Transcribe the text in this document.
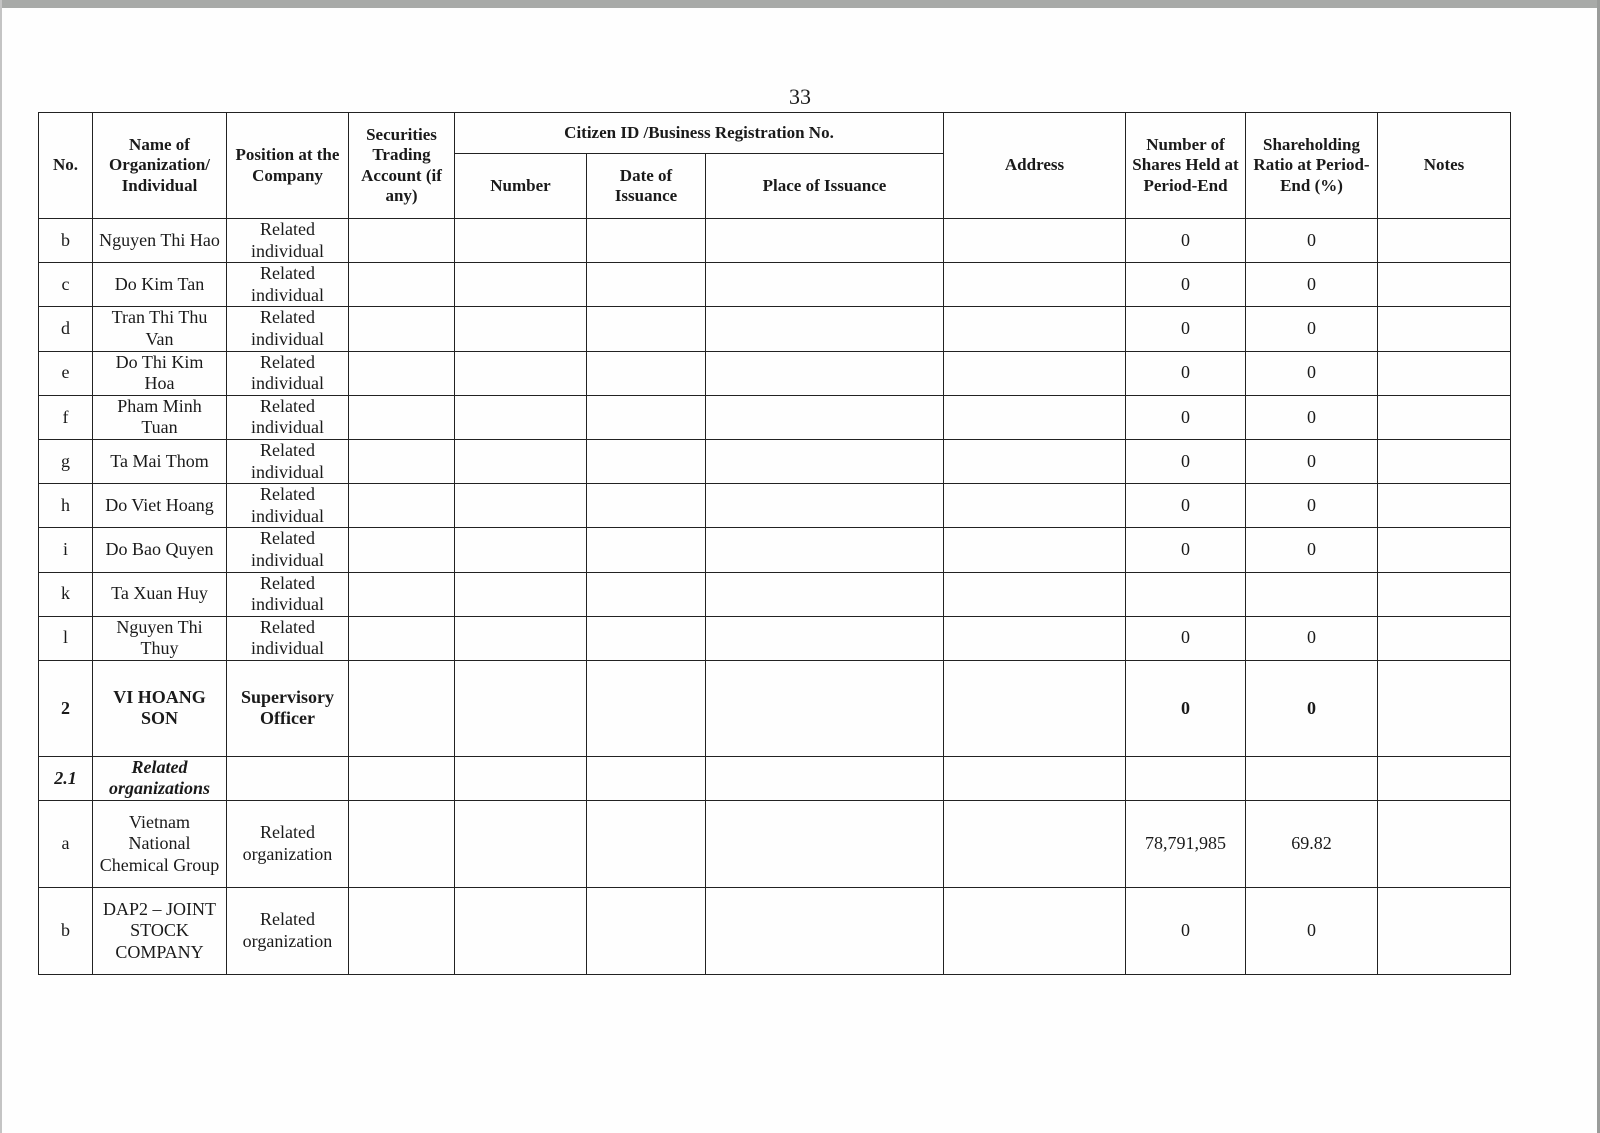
33
No.	Name of Organization/ Individual	Position at the Company	Securities Trading Account (if any)	Citizen ID /Business Registration No.			Address	Number of Shares Held at Period-End	Shareholding Ratio at Period-End (%)	Notes
				Number	Date of Issuance	Place of Issuance				
b	Nguyen Thi Hao	Related individual						0	0	
c	Do Kim Tan	Related individual						0	0	
d	Tran Thi Thu Van	Related individual						0	0	
e	Do Thi Kim Hoa	Related individual						0	0	
f	Pham Minh Tuan	Related individual						0	0	
g	Ta Mai Thom	Related individual						0	0	
h	Do Viet Hoang	Related individual						0	0	
i	Do Bao Quyen	Related individual						0	0	
k	Ta Xuan Huy	Related individual								
l	Nguyen Thi Thuy	Related individual						0	0	
2	VI HOANG SON	Supervisory Officer						0	0	
2.1	Related organizations									
a	Vietnam National Chemical Group	Related organization						78,791,985	69.82	
b	DAP2 – JOINT STOCK COMPANY	Related organization						0	0	
